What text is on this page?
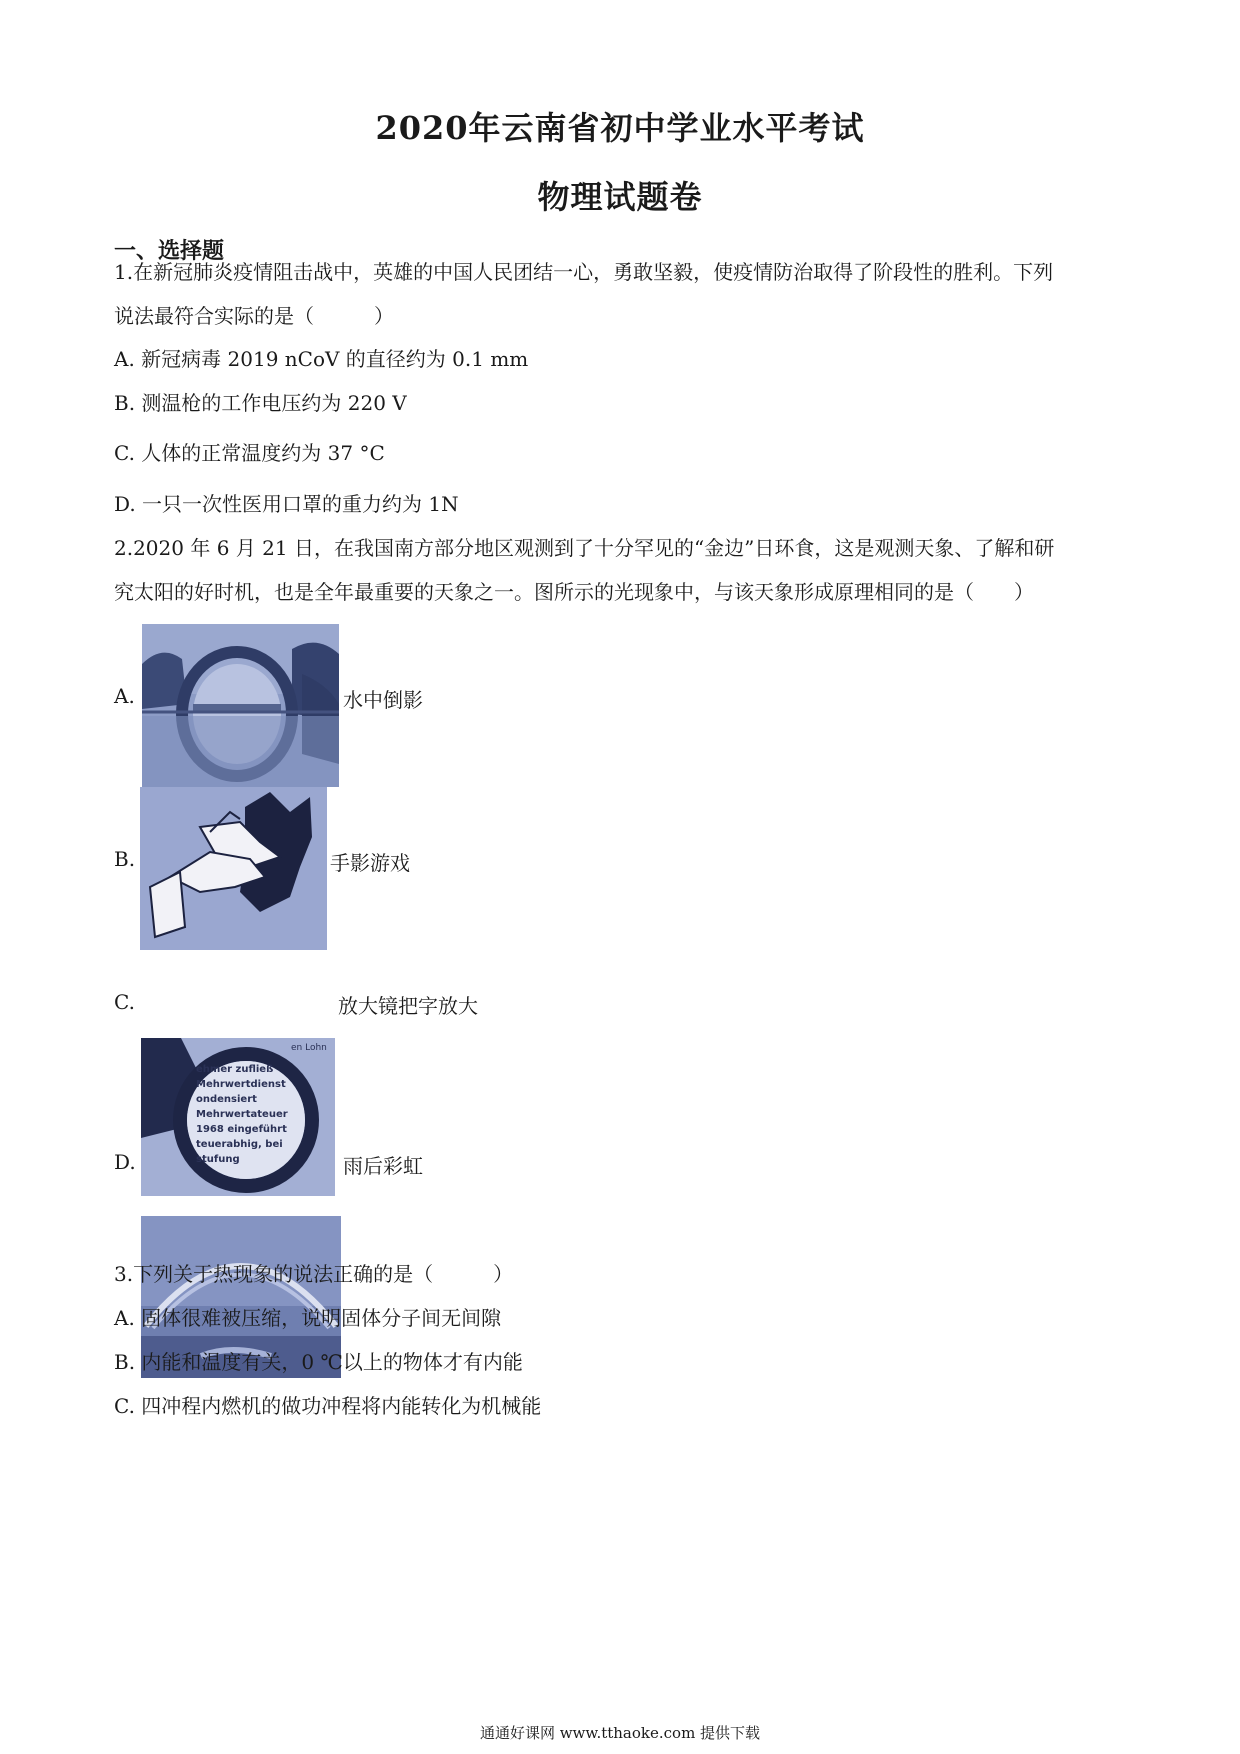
2020年云南省初中学业水平考试
物理试题卷
一、选择题
1.在新冠肺炎疫情阻击战中，英雄的中国人民团结一心，勇敢坚毅，使疫情防治取得了阶段性的胜利。下列
说法最符合实际的是（　　　）
A. 新冠病毒 2019 nCoV 的直径约为 0.1 mm
B. 测温枪的工作电压约为 220 V
C. 人体的正常温度约为 37 °C
D. 一只一次性医用口罩的重力约为 1N
2.2020 年 6 月 21 日，在我国南方部分地区观测到了十分罕见的“金边”日环食，这是观测天象、了解和研
究太阳的好时机，也是全年最重要的天象之一。图所示的光现象中，与该天象形成原理相同的是（　　）
A.	水中倒影
B.	手影游戏
C.
en Lohn
ehmer zufließ
Mehrwertdienst
ondensiert
Mehrwertateuer
1968 eingeführt
teuerabhig, bei
stufung
放大镜把字放大
D.	雨后彩虹
3.下列关于热现象的说法正确的是（　　　）
A. 固体很难被压缩，说明固体分子间无间隙
B. 内能和温度有关，0 ℃以上的物体才有内能
C. 四冲程内燃机的做功冲程将内能转化为机械能
通通好课网 www.tthaoke.com 提供下载
